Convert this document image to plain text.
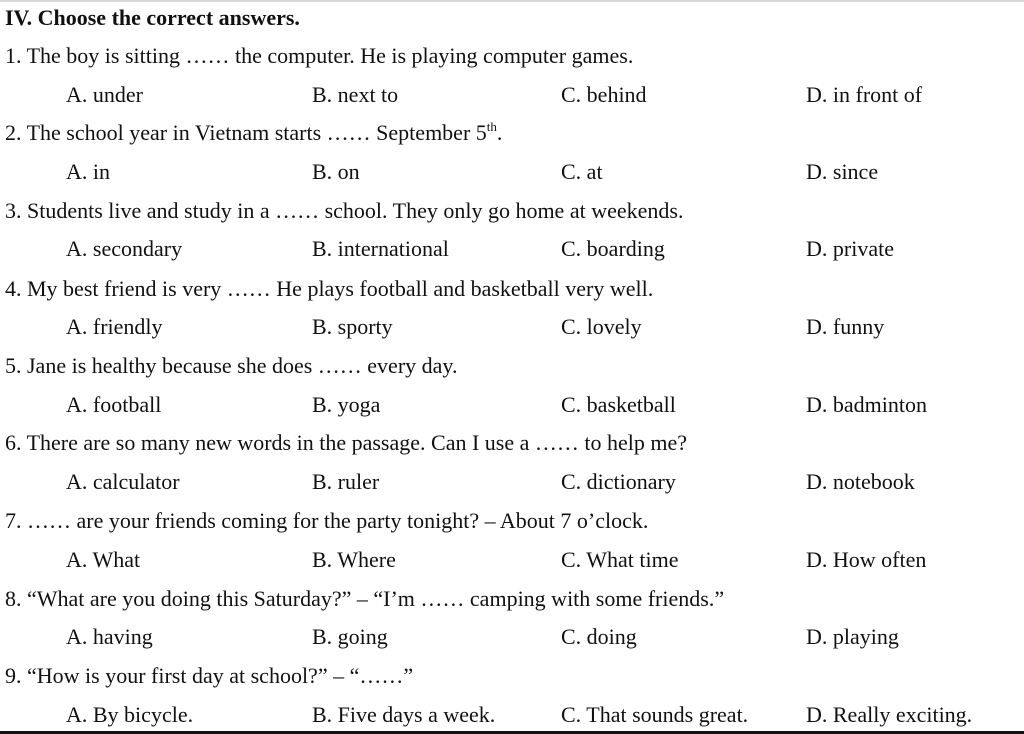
IV. Choose the correct answers.
1. The boy is sitting …… the computer. He is playing computer games.
A. under	B. next to	C. behind	D. in front of
2. The school year in Vietnam starts …… September 5th.
A. in	B. on	C. at	D. since
3. Students live and study in a …… school. They only go home at weekends.
A. secondary	B. international	C. boarding	D. private
4. My best friend is very …… He plays football and basketball very well.
A. friendly	B. sporty	C. lovely	D. funny
5. Jane is healthy because she does …… every day.
A. football	B. yoga	C. basketball	D. badminton
6. There are so many new words in the passage. Can I use a …… to help me?
A. calculator	B. ruler	C. dictionary	D. notebook
7. …… are your friends coming for the party tonight? – About 7 o’clock.
A. What	B. Where	C. What time	D. How often
8. “What are you doing this Saturday?” – “I’m …… camping with some friends.”
A. having	B. going	C. doing	D. playing
9. “How is your first day at school?” – “……”
A. By bicycle.	B. Five days a week.	C. That sounds great.	D. Really exciting.
